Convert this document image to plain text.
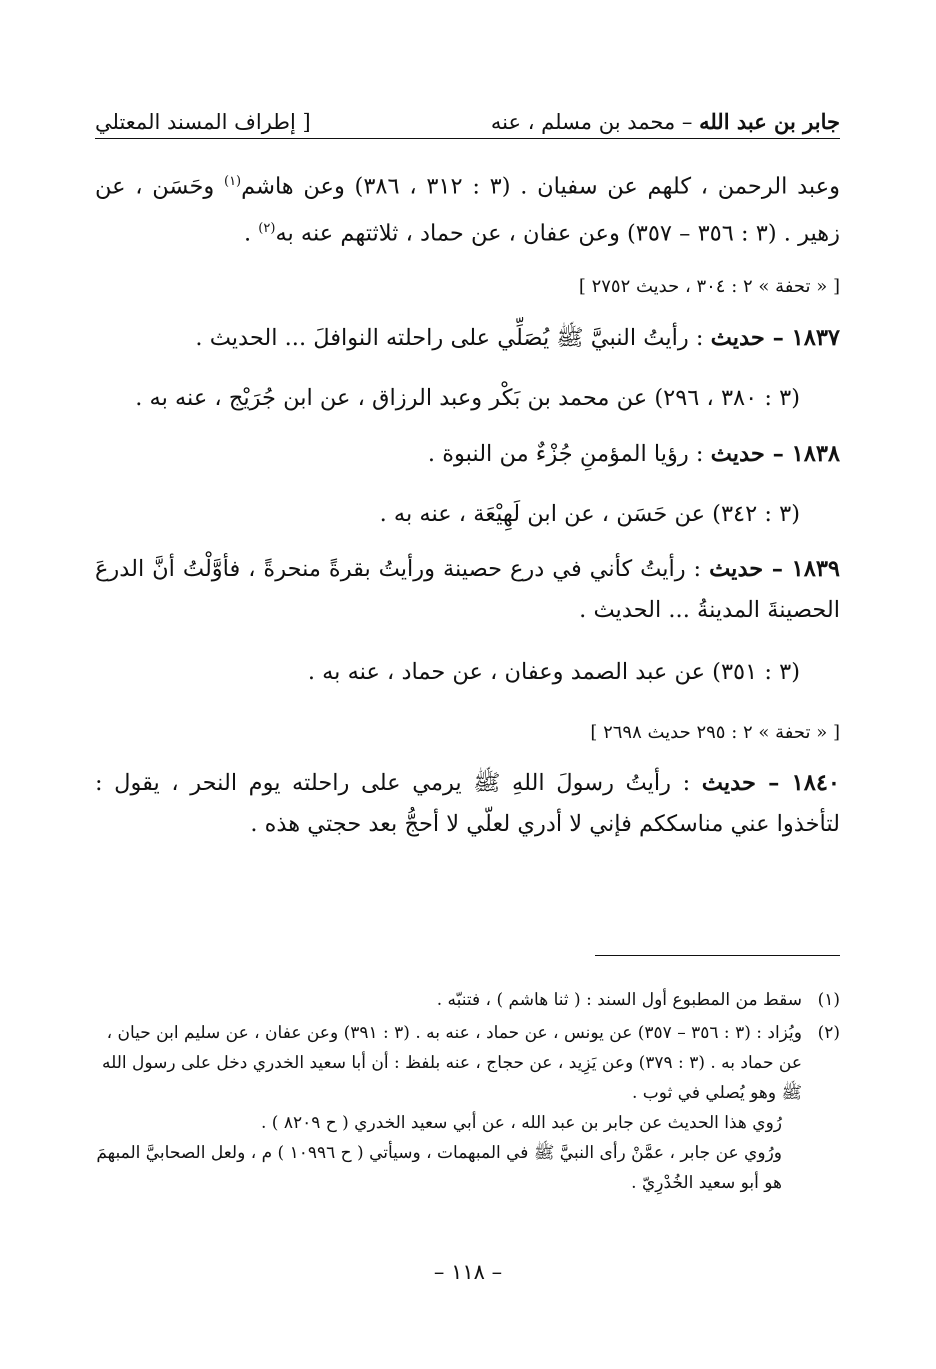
جابر بن عبد الله – محمد بن مسلم ، عنه
[ إطراف المسند المعتلي
وعبد الرحمن ، كلهم عن سفيان . (٣ : ٣١٢ ، ٣٨٦) وعن هاشم$^{(١)}$ وحَسَن ، عن زهير . (٣ : ٣٥٦ – ٣٥٧) وعن عفان ، عن حماد ، ثلاثتهم عنه به$^{(٢)}$ .
[ « تحفة » ٢ : ٣٠٤ ، حديث ٢٧٥٢ ]
١٨٣٧ – حديث : رأيتُ النبيَّ ﷺ يُصَلِّي على راحلته النوافلَ ... الحديث .
(٣ : ٣٨٠ ، ٢٩٦) عن محمد بن بَكْر وعبد الرزاق ، عن ابن جُرَيْج ، عنه به .
١٨٣٨ – حديث : رؤيا المؤمنِ جُزْءٌ من النبوة .
(٣ : ٣٤٢) عن حَسَن ، عن ابن لَهِيْعَة ، عنه به .
١٨٣٩ – حديث : رأيتُ كأني في درع حصينة ورأيتُ بقرةً منحرةً ، فأوَّلْتُ أنَّ الدرعَ الحصينةَ المدينةُ ... الحديث .
(٣ : ٣٥١) عن عبد الصمد وعفان ، عن حماد ، عنه به .
[ « تحفة » ٢ : ٢٩٥ حديث ٢٦٩٨ ]
١٨٤٠ – حديث : رأيتُ رسولَ اللهِ ﷺ يرمي على راحلته يوم النحر ، يقول : لتأخذوا عني مناسككم فإني لا أدري لعلّي لا أحجُّ بعد حجتي هذه .
(١)سقط من المطبوع أول السند : ( ثنا هاشم ) ، فتنبّه .
(٢)
ويُزاد : (٣ : ٣٥٦ – ٣٥٧) عن يونس ، عن حماد ، عنه به . (٣ : ٣٩١) وعن عفان ، عن سليم ابن حيان ، عن حماد به . (٣ : ٣٧٩) وعن يَزِيد ، عن حجاج ، عنه بلفظ : أن أبا سعيد الخدري دخل على رسول الله ﷺ وهو يُصلي في ثوب .
رُوي هذا الحديث عن جابر بن عبد الله ، عن أبي سعيد الخدري ( ح ٨٢٠٩ ) .
ورُوي عن جابر ، عمَّنْ رأى النبيَّ ﷺ في المبهمات ، وسيأتي ( ح ١٠٩٩٦ ) م ، ولعل الصحابيَّ المبهمَ هو أبو سعيد الخُدْرِيّ .
– ١١٨ –
